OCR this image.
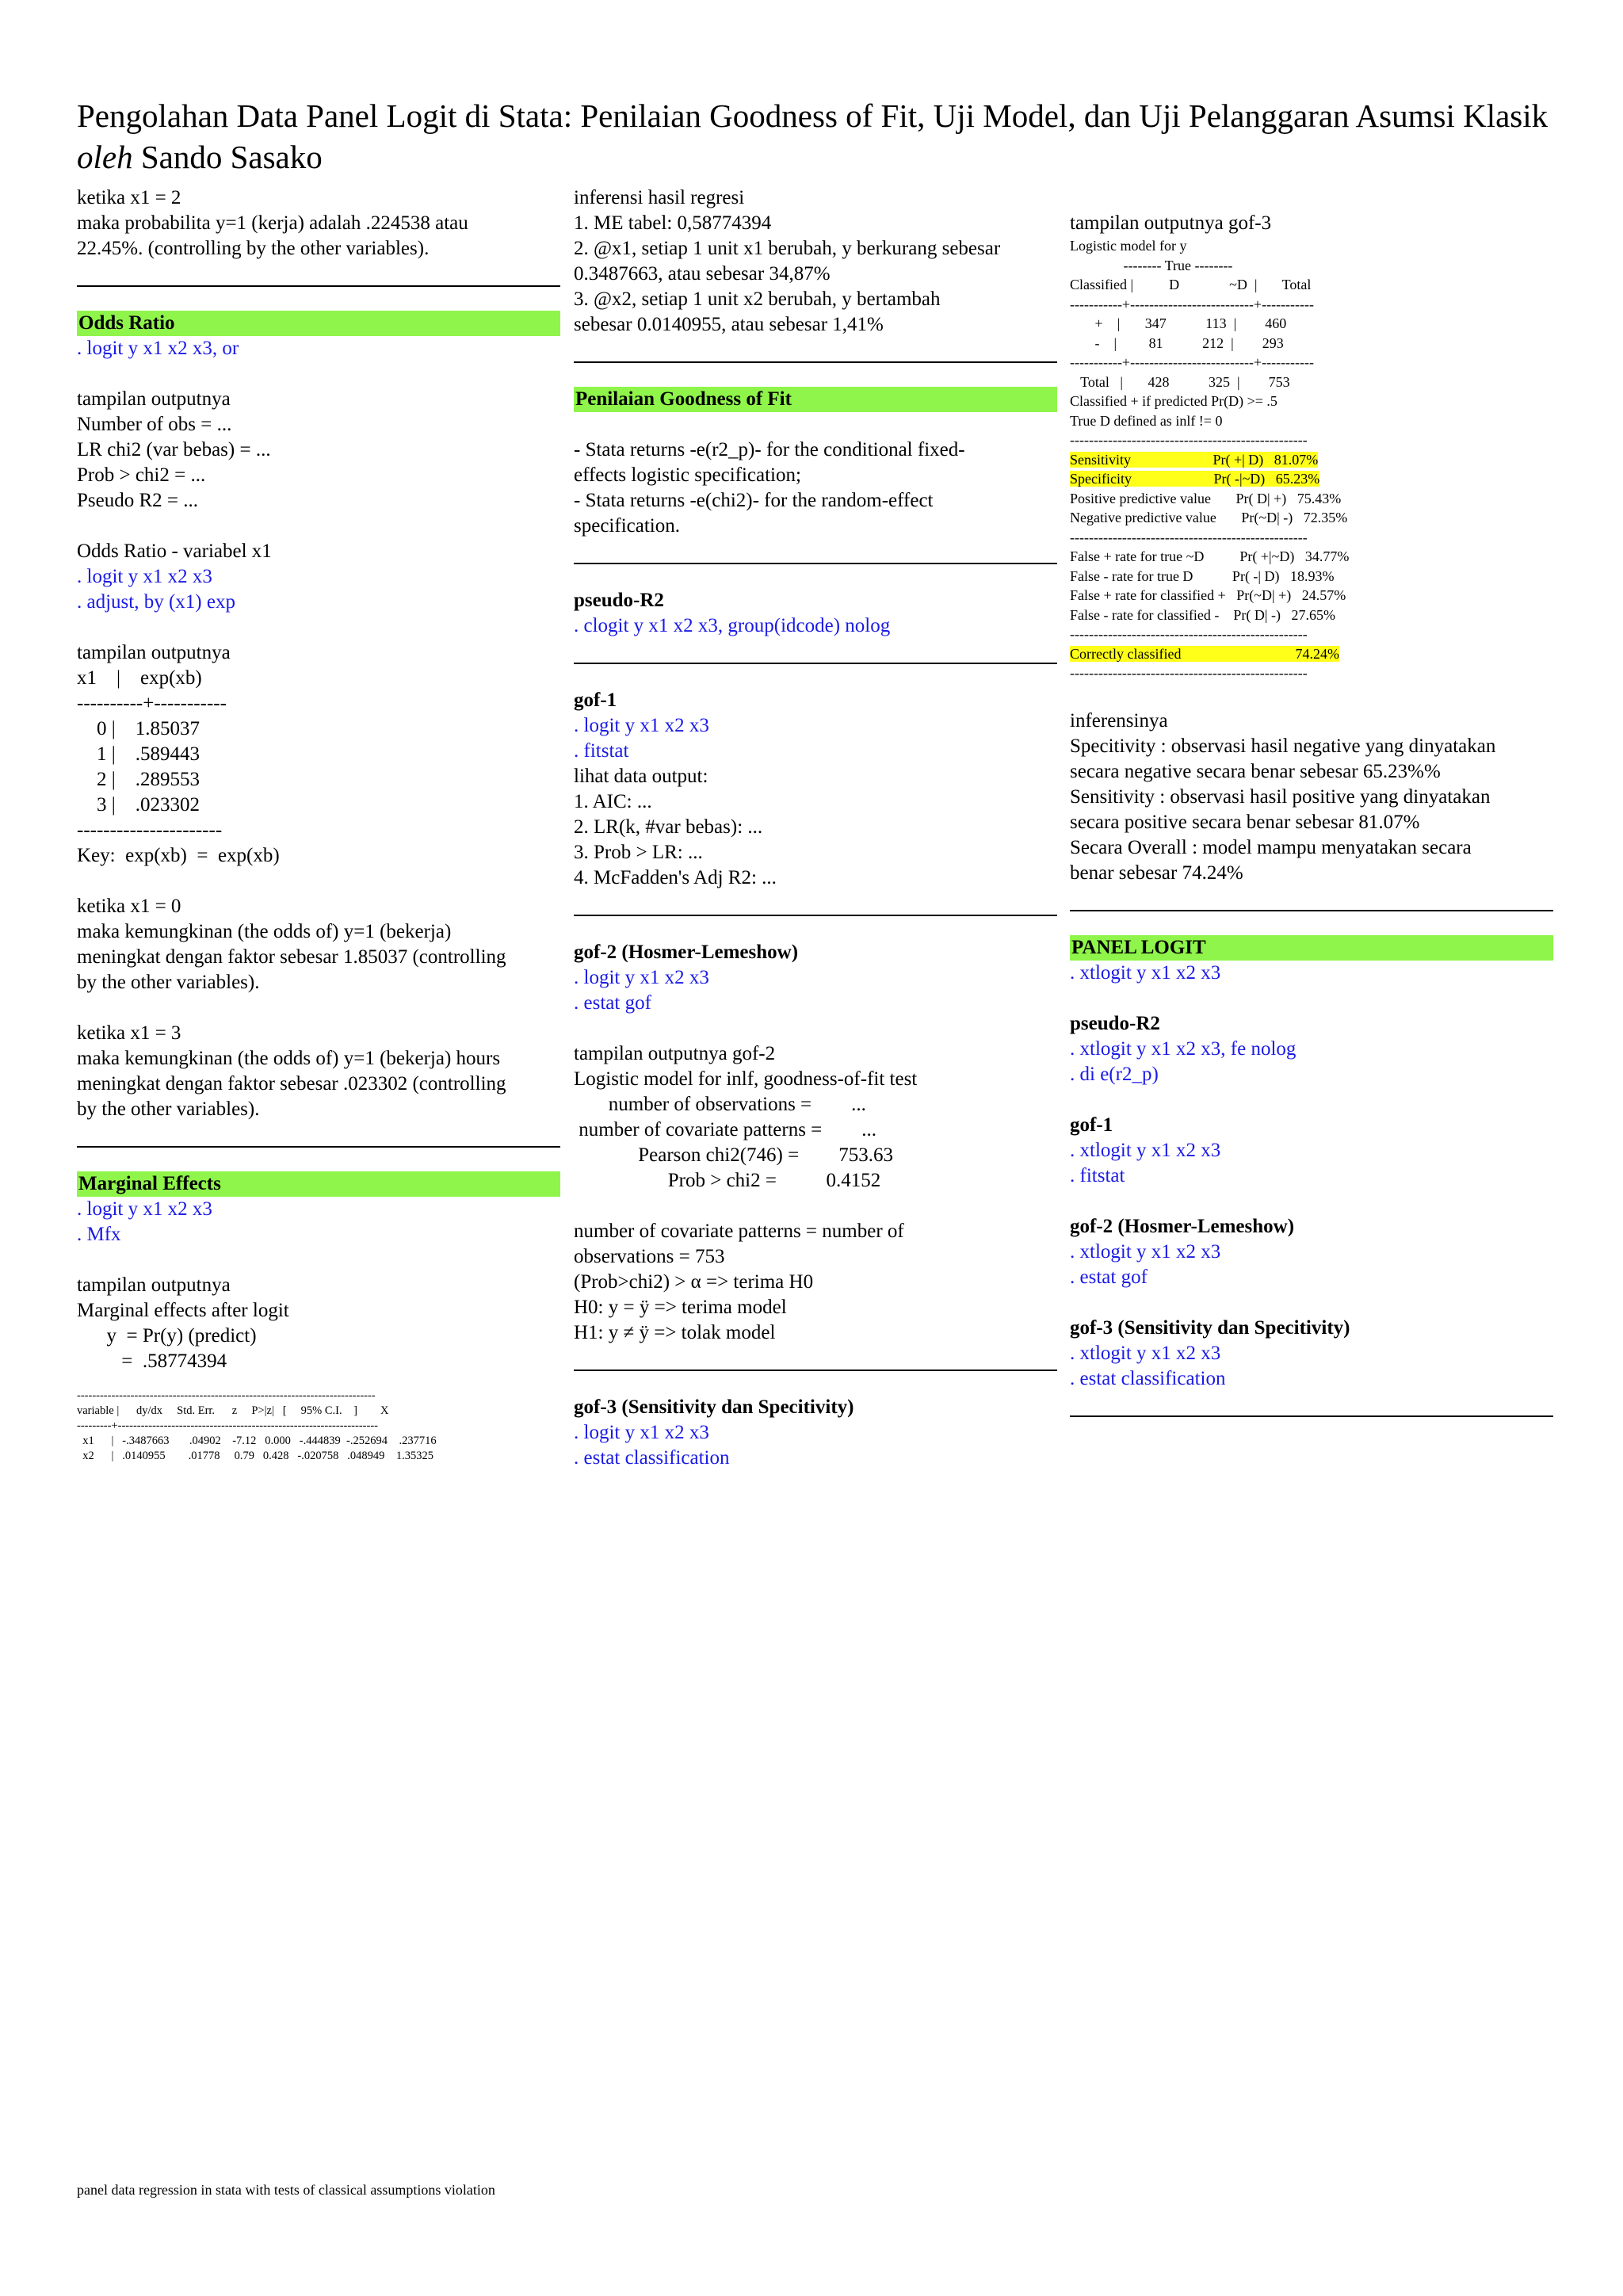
Pengolahan Data Panel Logit di Stata: Penilaian Goodness of Fit, Uji Model, dan Uji Pelanggaran Asumsi Klasik
oleh Sando Sasako
ketika x1 = 2
maka probabilita y=1 (kerja) adalah .224538 atau
22.45%. (controlling by the other variables).
Odds Ratio
. logit y x1 x2 x3, or
tampilan outputnya
Number of obs = ...
LR chi2 (var bebas) = ...
Prob > chi2 = ...
Pseudo R2 = ...
Odds Ratio - variabel x1
. logit y x1 x2 x3
. adjust, by (x1) exp
tampilan outputnya
x1    |    exp(xb)
----------+-----------
0 |    1.85037
1 |    .589443
2 |    .289553
3 |    .023302
----------------------
Key:  exp(xb)  =  exp(xb)
ketika x1 = 0
maka kemungkinan (the odds of) y=1 (bekerja)
meningkat dengan faktor sebesar 1.85037 (controlling
by the other variables).
ketika x1 = 3
maka kemungkinan (the odds of) y=1 (bekerja) hours
meningkat dengan faktor sebesar .023302 (controlling
by the other variables).
Marginal Effects
. logit y x1 x2 x3
. Mfx
tampilan outputnya
Marginal effects after logit
y  = Pr(y) (predict)
=  .58774394
------------------------------------------------------------------------------
variable |      dy/dx     Std. Err.      z     P>|z|   [     95% C.I.    ]        X
---------+--------------------------------------------------------------------
x1      |   -.3487663       .04902    -7.12   0.000   -.444839  -.252694    .237716
x2      |   .0140955        .01778     0.79   0.428   -.020758   .048949    1.35325
inferensi hasil regresi
1. ME tabel: 0,58774394
2. @x1, setiap 1 unit x1 berubah, y berkurang sebesar
0.3487663, atau sebesar 34,87%
3. @x2, setiap 1 unit x2 berubah, y bertambah
sebesar 0.0140955, atau sebesar 1,41%
Penilaian Goodness of Fit
- Stata returns -e(r2_p)- for the conditional fixed-
effects logistic specification;
- Stata returns -e(chi2)- for the random-effect
specification.
pseudo-R2
. clogit y x1 x2 x3, group(idcode) nolog
gof-1
. logit y x1 x2 x3
. fitstat
lihat data output:
1. AIC: ...
2. LR(k, #var bebas): ...
3. Prob > LR: ...
4. McFadden's Adj R2: ...
gof-2 (Hosmer-Lemeshow)
. logit y x1 x2 x3
. estat gof
tampilan outputnya gof-2
Logistic model for inlf, goodness-of-fit test
number of observations =        ...
number of covariate patterns =        ...
Pearson chi2(746) =        753.63
Prob > chi2 =          0.4152
number of covariate patterns = number of
observations = 753
(Prob>chi2) > α => terima H0
H0: y = ÿ => terima model
H1: y ≠ ÿ => tolak model
gof-3 (Sensitivity dan Specitivity)
. logit y x1 x2 x3
. estat classification
tampilan outputnya gof-3
Logistic model for y
-------- True --------
Classified |          D              ~D  |       Total
-----------+--------------------------+-----------
+    |       347           113  |        460
-    |         81           212  |        293
-----------+--------------------------+-----------
Total   |       428           325  |        753
Classified + if predicted Pr(D) >= .5
True D defined as inlf != 0
--------------------------------------------------
Sensitivity                       Pr( +| D)   81.07%
Specificity                       Pr( -|~D)   65.23%
Positive predictive value       Pr( D| +)   75.43%
Negative predictive value       Pr(~D| -)   72.35%
--------------------------------------------------
False + rate for true ~D          Pr( +|~D)   34.77%
False - rate for true D           Pr( -| D)   18.93%
False + rate for classified +   Pr(~D| +)   24.57%
False - rate for classified -    Pr( D| -)   27.65%
--------------------------------------------------
Correctly classified                                74.24%
--------------------------------------------------
inferensinya
Specitivity : observasi hasil negative yang dinyatakan
secara negative secara benar sebesar 65.23%%
Sensitivity : observasi hasil positive yang dinyatakan
secara positive secara benar sebesar 81.07%
Secara Overall : model mampu menyatakan secara
benar sebesar 74.24%
PANEL LOGIT
. xtlogit y x1 x2 x3
pseudo-R2
. xtlogit y x1 x2 x3, fe nolog
. di e(r2_p)
gof-1
. xtlogit y x1 x2 x3
. fitstat
gof-2 (Hosmer-Lemeshow)
. xtlogit y x1 x2 x3
. estat gof
gof-3 (Sensitivity dan Specitivity)
. xtlogit y x1 x2 x3
. estat classification
panel data regression in stata with tests of classical assumptions violation
